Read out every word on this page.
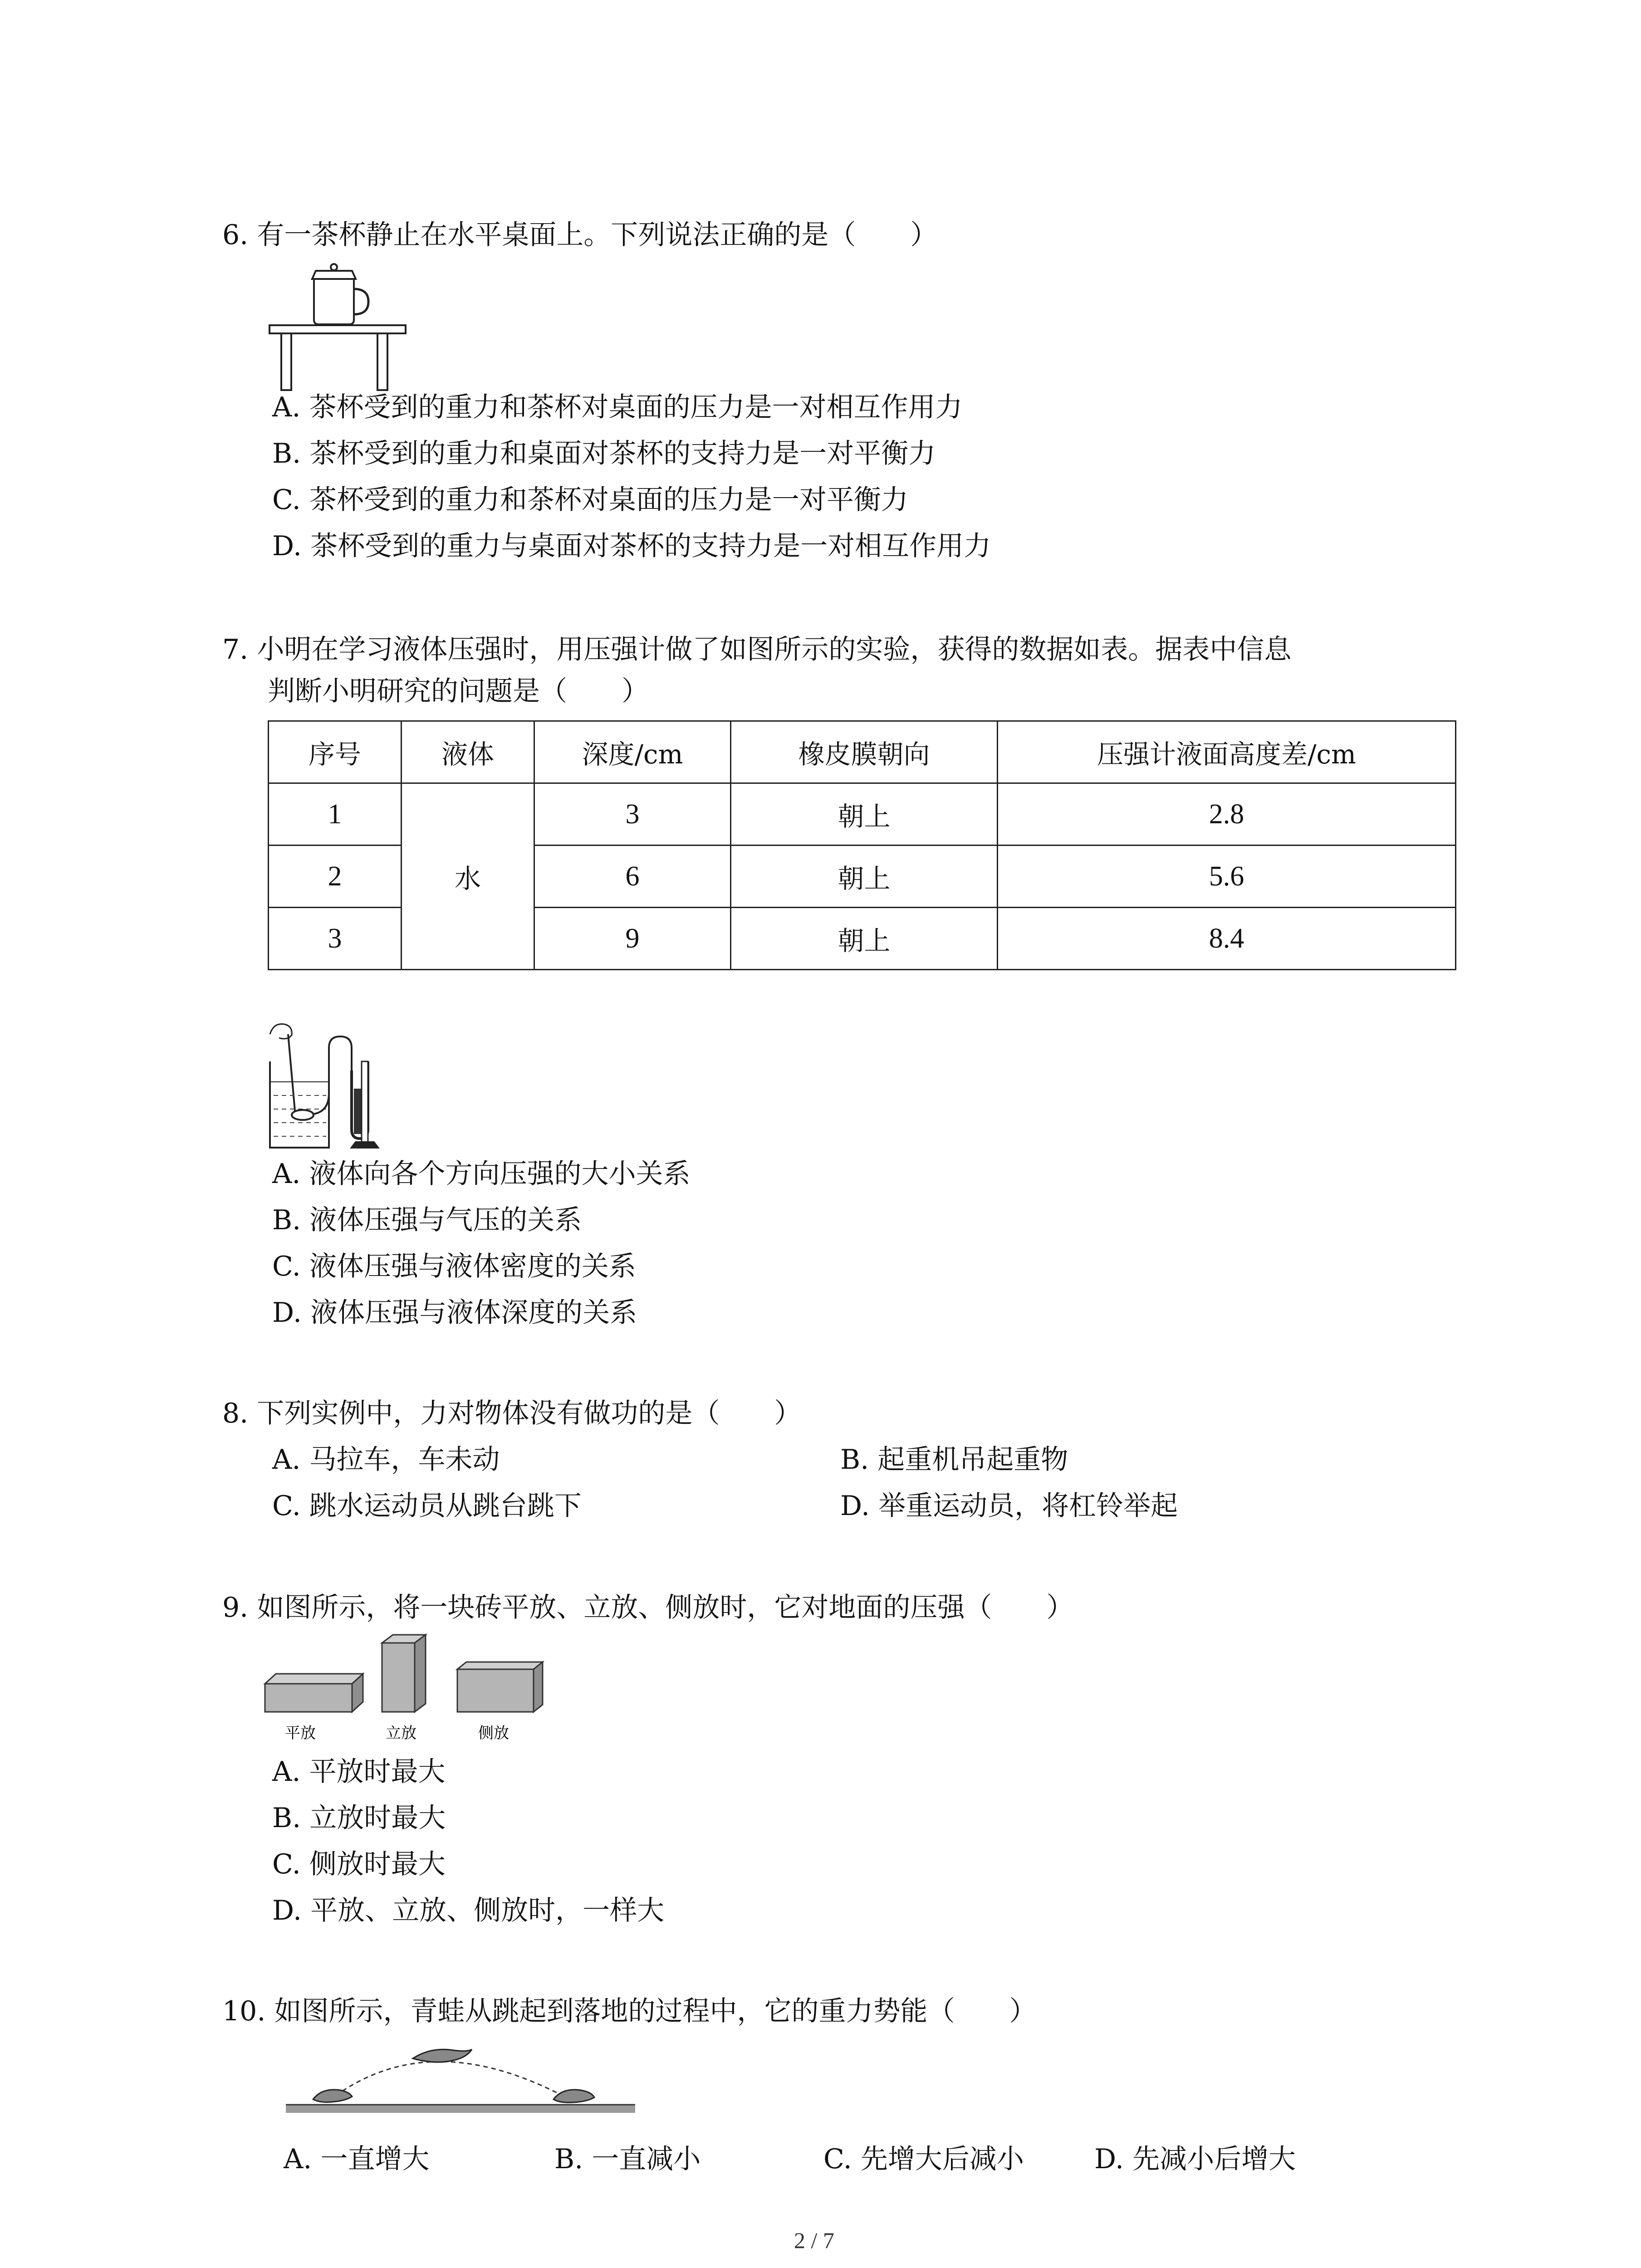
6. 有一茶杯静止在水平桌面上。下列说法正确的是（　　）
A. 茶杯受到的重力和茶杯对桌面的压力是一对相互作用力
B. 茶杯受到的重力和桌面对茶杯的支持力是一对平衡力
C. 茶杯受到的重力和茶杯对桌面的压力是一对平衡力
D. 茶杯受到的重力与桌面对茶杯的支持力是一对相互作用力
7. 小明在学习液体压强时，用压强计做了如图所示的实验，获得的数据如表。据表中信息
判断小明研究的问题是（　　）
序号	液体	深度/cm	橡皮膜朝向	压强计液面高度差/cm
1	水	3	朝上	2.8
2		6	朝上	5.6
3		9	朝上	8.4
A. 液体向各个方向压强的大小关系
B. 液体压强与气压的关系
C. 液体压强与液体密度的关系
D. 液体压强与液体深度的关系
8. 下列实例中，力对物体没有做功的是（　　）
A. 马拉车，车未动	B. 起重机吊起重物
C. 跳水运动员从跳台跳下	D. 举重运动员，将杠铃举起
9. 如图所示，将一块砖平放、立放、侧放时，它对地面的压强（　　）
平放	立放	侧放
A. 平放时最大
B. 立放时最大
C. 侧放时最大
D. 平放、立放、侧放时，一样大
10. 如图所示，青蛙从跳起到落地的过程中，它的重力势能（　　）
A. 一直增大	B. 一直减小	C. 先增大后减小	D. 先减小后增大
2 / 7
